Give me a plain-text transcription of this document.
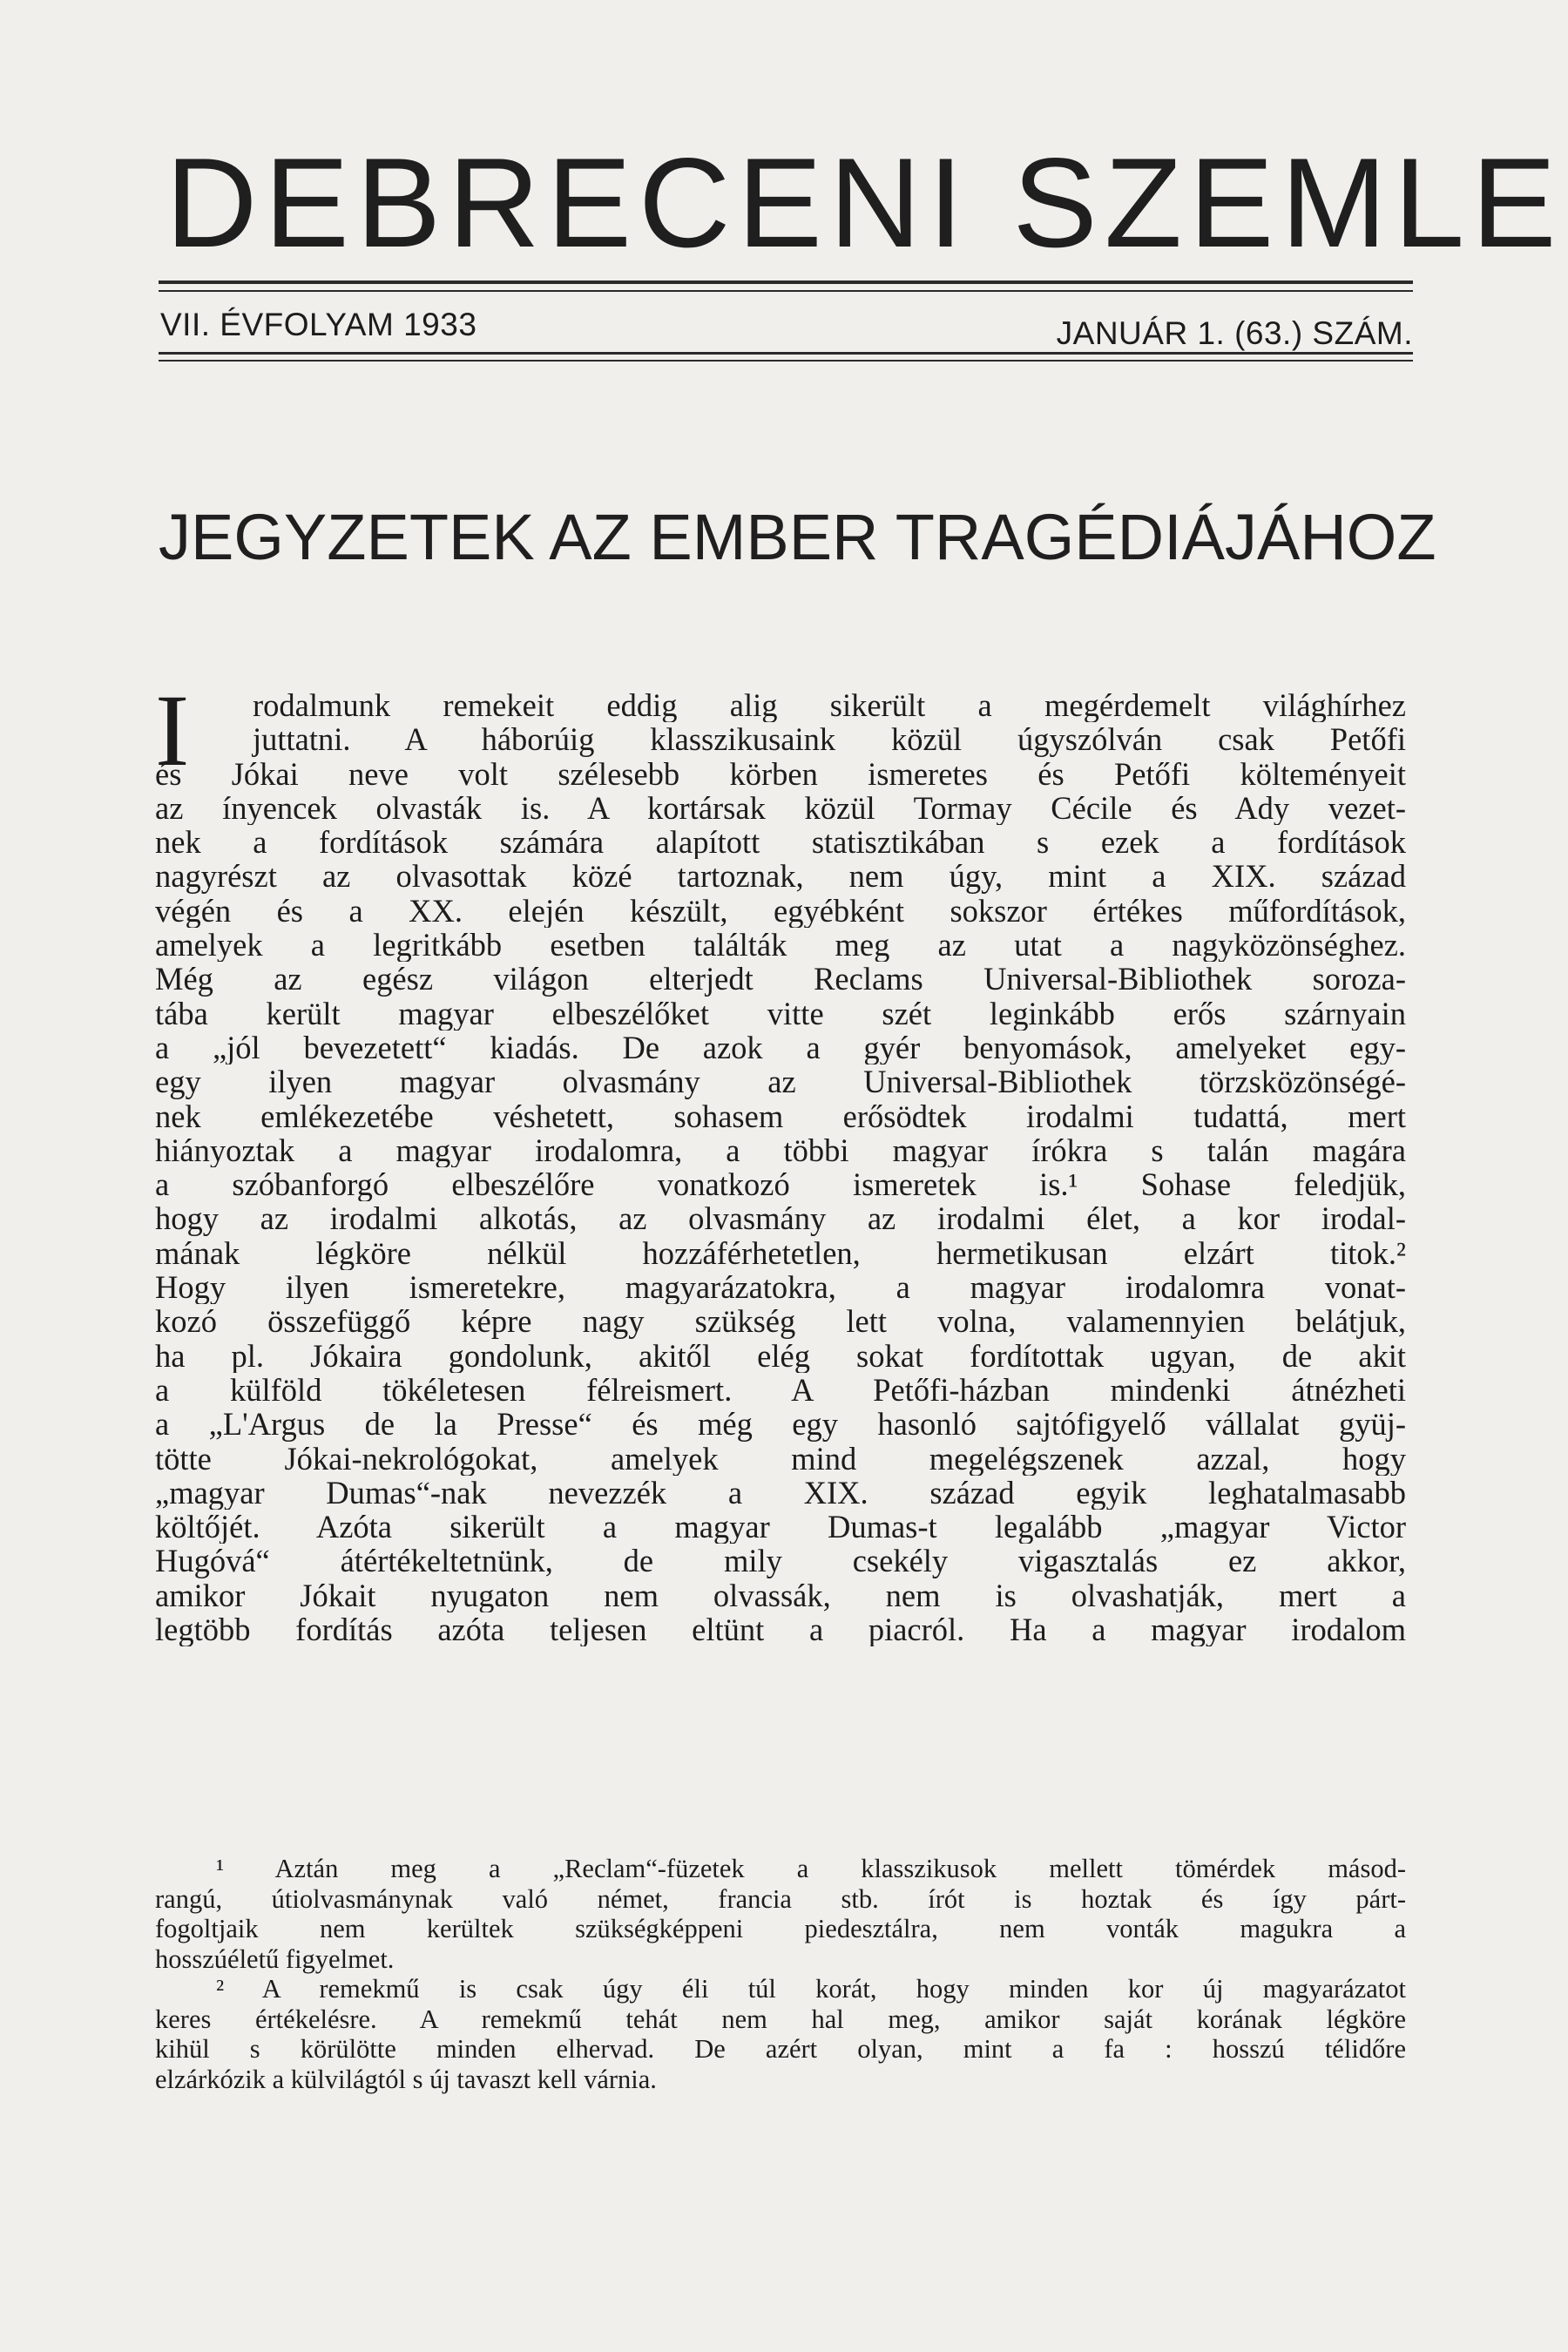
DEBRECENI SZEMLE
VII. ÉVFOLYAM 1933	JANUÁR 1. (63.) SZÁM.
JEGYZETEK AZ EMBER TRAGÉDIÁJÁHOZ
I	rodalmunk remekeit eddig alig sikerült a megérdemelt világhírhez
juttatni. A háborúig klasszikusaink közül úgyszólván csak Petőfi
és Jókai neve volt szélesebb körben ismeretes és Petőfi költeményeit
az ínyencek olvasták is. A kortársak közül Tormay Cécile és Ady vezet-
nek a fordítások számára alapított statisztikában s ezek a fordítások
nagyrészt az olvasottak közé tartoznak, nem úgy, mint a XIX. század
végén és a XX. elején készült, egyébként sokszor értékes műfordítások,
amelyek a legritkább esetben találták meg az utat a nagyközönséghez.
Még az egész világon elterjedt Reclams Universal-Bibliothek soroza-
tába került magyar elbeszélőket vitte szét leginkább erős szárnyain
a „jól bevezetett“ kiadás. De azok a gyér benyomások, amelyeket egy-
egy ilyen magyar olvasmány az Universal-Bibliothek törzsközönségé-
nek emlékezetébe véshetett, sohasem erősödtek irodalmi tudattá, mert
hiányoztak a magyar irodalomra, a többi magyar írókra s talán magára
a szóbanforgó elbeszélőre vonatkozó ismeretek is.¹ Sohase feledjük,
hogy az irodalmi alkotás, az olvasmány az irodalmi élet, a kor irodal-
mának légköre nélkül hozzáférhetetlen, hermetikusan elzárt titok.²
Hogy ilyen ismeretekre, magyarázatokra, a magyar irodalomra vonat-
kozó összefüggő képre nagy szükség lett volna, valamennyien belátjuk,
ha pl. Jókaira gondolunk, akitől elég sokat fordítottak ugyan, de akit
a külföld tökéletesen félreismert. A Petőfi-házban mindenki átnézheti
a „L'Argus de la Presse“ és még egy hasonló sajtófigyelő vállalat gyüj-
tötte Jókai-nekrológokat, amelyek mind megelégszenek azzal, hogy
„magyar Dumas“-nak nevezzék a XIX. század egyik leghatalmasabb
költőjét. Azóta sikerült a magyar Dumas-t legalább „magyar Victor
Hugóvá“ átértékeltetnünk, de mily csekély vigasztalás ez akkor,
amikor Jókait nyugaton nem olvassák, nem is olvashatják, mert a
legtöbb fordítás azóta teljesen eltünt a piacról. Ha a magyar irodalom
¹ Aztán meg a „Reclam“-füzetek a klasszikusok mellett tömérdek másod-
rangú, útiolvasmánynak való német, francia stb. írót is hoztak és így párt-
fogoltjaik nem kerültek szükségképpeni piedesztálra, nem vonták magukra a
hosszúéletű figyelmet.
² A remekmű is csak úgy éli túl korát, hogy minden kor új magyarázatot
keres értékelésre. A remekmű tehát nem hal meg, amikor saját korának légköre
kihül s körülötte minden elhervad. De azért olyan, mint a fa : hosszú télidőre
elzárkózik a külvilágtól s új tavaszt kell várnia.
